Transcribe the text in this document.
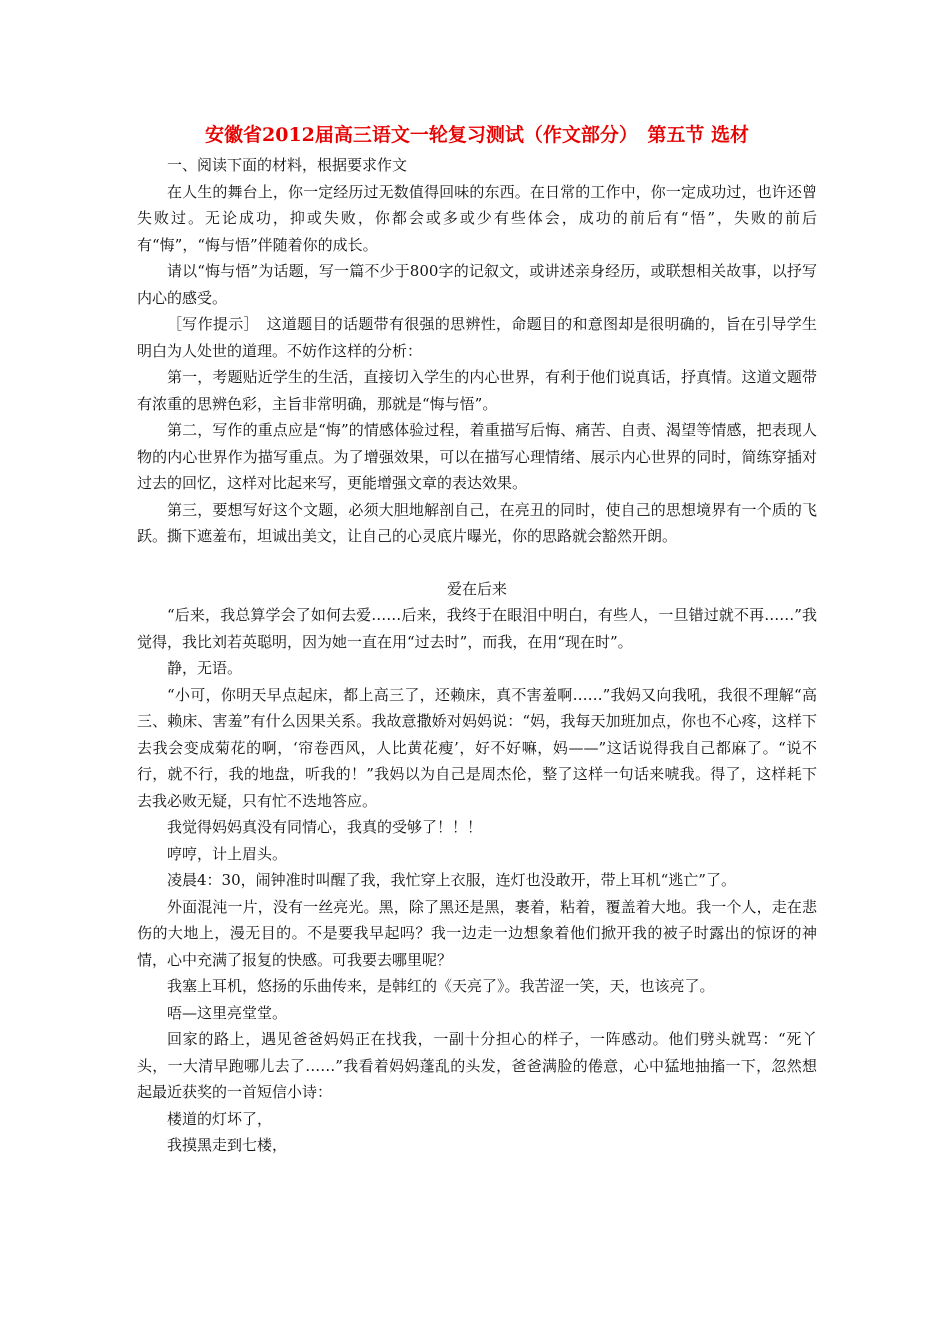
安徽省2012届高三语文一轮复习测试（作文部分）　第五节 选材

一、阅读下面的材料，根据要求作文

在人生的舞台上，你一定经历过无数值得回味的东西。在日常的工作中，你一定成功过，也许还曾失败过。无论成功，抑或失败，你都会或多或少有些体会，成功的前后有“悟”，失败的前后有“悔”，“悔与悟”伴随着你的成长。

请以“悔与悟”为话题，写一篇不少于800字的记叙文，或讲述亲身经历，或联想相关故事，以抒写内心的感受。

［写作提示］　这道题目的话题带有很强的思辨性，命题目的和意图却是很明确的，旨在引导学生明白为人处世的道理。不妨作这样的分析：

第一，考题贴近学生的生活，直接切入学生的内心世界，有利于他们说真话，抒真情。这道文题带有浓重的思辨色彩，主旨非常明确，那就是“悔与悟”。

第二，写作的重点应是“悔”的情感体验过程，着重描写后悔、痛苦、自责、渴望等情感，把表现人物的内心世界作为描写重点。为了增强效果，可以在描写心理情绪、展示内心世界的同时，简练穿插对过去的回忆，这样对比起来写，更能增强文章的表达效果。

第三，要想写好这个文题，必须大胆地解剖自己，在亮丑的同时，使自己的思想境界有一个质的飞跃。撕下遮羞布，坦诚出美文，让自己的心灵底片曝光，你的思路就会豁然开朗。

爱在后来

“后来，我总算学会了如何去爱……后来，我终于在眼泪中明白，有些人，一旦错过就不再……”我觉得，我比刘若英聪明，因为她一直在用“过去时”，而我，在用“现在时”。

静，无语。

“小可，你明天早点起床，都上高三了，还赖床，真不害羞啊……”我妈又向我吼，我很不理解“高三、赖床、害羞”有什么因果关系。我故意撒娇对妈妈说：“妈，我每天加班加点，你也不心疼，这样下去我会变成菊花的啊，‘帘卷西风，人比黄花瘦’，好不好嘛，妈——”这话说得我自己都麻了。“说不行，就不行，我的地盘，听我的！”我妈以为自己是周杰伦，整了这样一句话来唬我。得了，这样耗下去我必败无疑，只有忙不迭地答应。

我觉得妈妈真没有同情心，我真的受够了！！！

哼哼，计上眉头。

凌晨4：30，闹钟准时叫醒了我，我忙穿上衣服，连灯也没敢开，带上耳机“逃亡”了。

外面混沌一片，没有一丝亮光。黑，除了黑还是黑，裹着，粘着，覆盖着大地。我一个人，走在悲伤的大地上，漫无目的。不是要我早起吗？我一边走一边想象着他们掀开我的被子时露出的惊讶的神情，心中充满了报复的快感。可我要去哪里呢？

我塞上耳机，悠扬的乐曲传来，是韩红的《天亮了》。我苦涩一笑，天，也该亮了。

唔—这里亮堂堂。

回家的路上，遇见爸爸妈妈正在找我，一副十分担心的样子，一阵感动。他们劈头就骂：“死丫头，一大清早跑哪儿去了……”我看着妈妈蓬乱的头发，爸爸满脸的倦意，心中猛地抽搐一下，忽然想起最近获奖的一首短信小诗：

楼道的灯坏了，

我摸黑走到七楼，
